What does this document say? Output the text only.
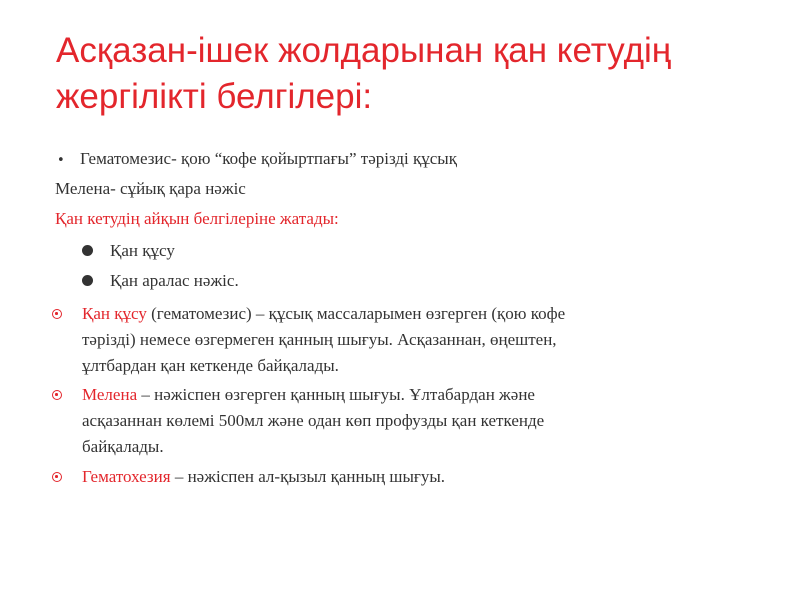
Асқазан-ішек жолдарынан қан кетудің
жергілікті белгілері:
• Гематомезис- қою “кофе қойыртпағы” тәрізді құсық
Мелена- сұйық қара нәжіс
Қан кетудің айқын белгілеріне жатады:
Қан құсу
Қан аралас нәжіс.
Қан құсу (гематомезис) – құсық массаларымен өзгерген (қою кофе
тәрізді) немесе өзгермеген қанның шығуы. Асқазаннан, өңештен,
ұлтбардан қан кеткенде байқалады.
Мелена – нәжіспен өзгерген қанның шығуы. Ұлтабардан және
асқазаннан көлемі 500мл және одан көп профузды қан кеткенде
байқалады.
Гематохезия – нәжіспен ал-қызыл қанның шығуы.
